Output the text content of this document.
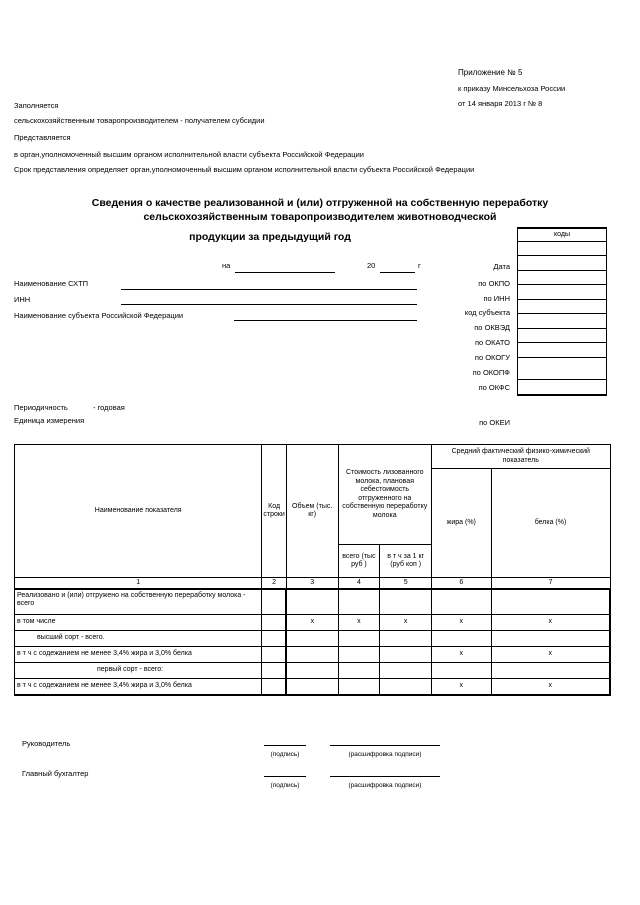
Приложение № 5
к приказу Минсельхоза России
от 14 января 2013 г № 8
Заполняется
сельскохозяйственным товаропроизводителем - получателем субсидии
Представляется
в орган,уполномоченный высшим органом исполнительной власти субъекта Российской Федерации
Срок представления определяет орган,уполномоченный высшим органом исполнительной власти субъекта Российской Федерации
Сведения о качестве реализованной и (или) отгруженной на собственную переработку
сельскохозяйственным товаропроизводителем животноводческой
продукции за предыдущий год
на	20	г
Наименование СХТП
ИНН
Наименование субъекта Российской Федерации
Периодичность	- годовая
Единица измерения
Дата
по ОКПО
по ИНН
код субъекта
по ОКВЭД
по ОКАТО
по ОКОГУ
по ОКОПФ
по ОКФС
по ОКЕИ
коды

Наименование показателя	Код строки	Объем (тыс. кг)	Стоимость лизованного молока, плановая себестоимость отгруженного на собственную переработку молока		Средний фактический физико-химический показатель	
					жира (%)	белка (%)
			всего (тыс руб )	в т ч за 1 кг (руб коп )		
1	2	3	4	5	6	7
Реализовано и (или) отгружено на собственную переработку молока - всего						
в том числе		x	x	x	x	x
высший сорт - всего.						
в т ч с содежанием не менее 3,4% жира и 3,0% белка					x	x
первый сорт - всего:						
в т ч с содежанием не менее 3,4% жира и 3,0% белка					x	x
Руководитель
(подпись)	(расшифровка подписи)
Главный бухгалтер
(подпись)	(расшифровка подписи)
